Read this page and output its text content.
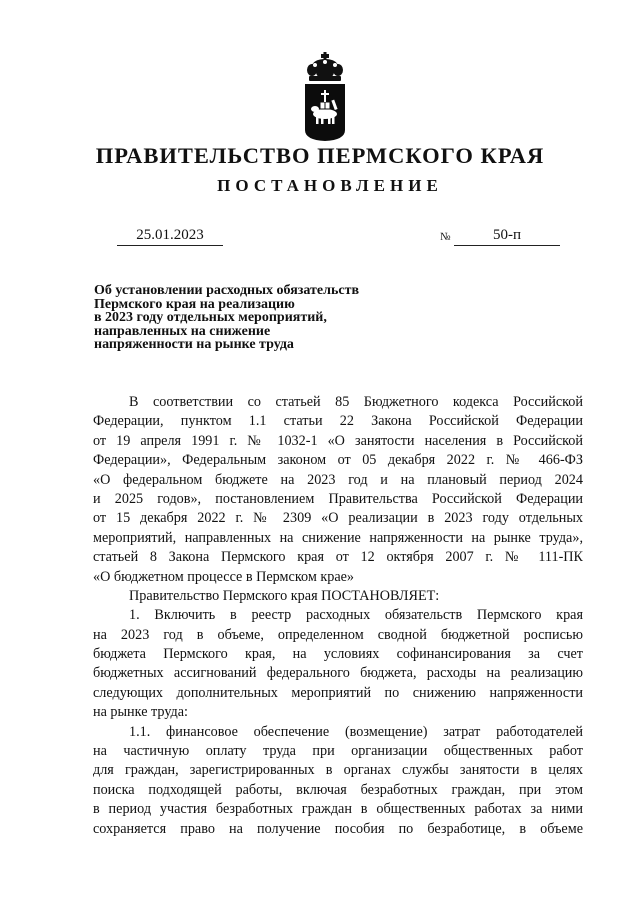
ПРАВИТЕЛЬСТВО ПЕРМСКОГО КРАЯ
ПОСТАНОВЛЕНИЕ
25.01.2023	№	50-п
Об установлении расходных обязательств
Пермского края на реализацию
в 2023 году отдельных мероприятий,
направленных на снижение
напряженности на рынке труда
В соответствии со статьей 85 Бюджетного кодекса Российской
Федерации, пунктом 1.1 статьи 22 Закона Российской Федерации
от 19 апреля 1991 г. № 1032-1 «О занятости населения в Российской
Федерации», Федеральным законом от 05 декабря 2022 г. № 466-ФЗ
«О федеральном бюджете на 2023 год и на плановый период 2024
и 2025 годов», постановлением Правительства Российской Федерации
от 15 декабря 2022 г. № 2309 «О реализации в 2023 году отдельных
мероприятий, направленных на снижение напряженности на рынке труда»,
статьей 8 Закона Пермского края от 12 октября 2007 г. № 111-ПК
«О бюджетном процессе в Пермском крае»
Правительство Пермского края ПОСТАНОВЛЯЕТ:
1. Включить в реестр расходных обязательств Пермского края
на 2023 год в объеме, определенном сводной бюджетной росписью
бюджета Пермского края, на условиях софинансирования за счет
бюджетных ассигнований федерального бюджета, расходы на реализацию
следующих дополнительных мероприятий по снижению напряженности
на рынке труда:
1.1. финансовое обеспечение (возмещение) затрат работодателей
на частичную оплату труда при организации общественных работ
для граждан, зарегистрированных в органах службы занятости в целях
поиска подходящей работы, включая безработных граждан, при этом
в период участия безработных граждан в общественных работах за ними
сохраняется право на получение пособия по безработице, в объеме
